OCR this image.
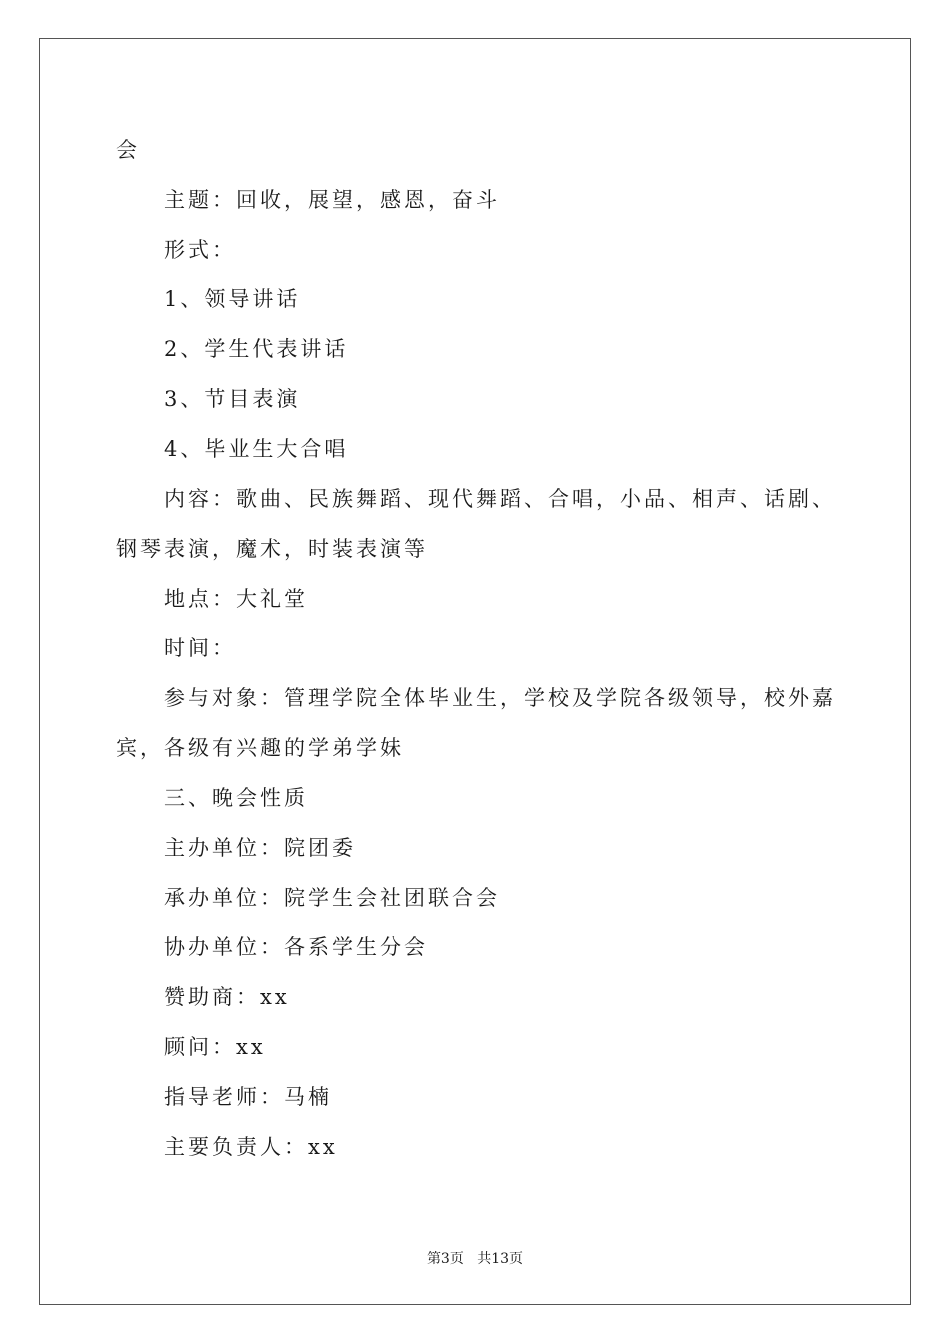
会
主题：回收，展望，感恩，奋斗
形式：
1、领导讲话
2、学生代表讲话
3、节目表演
4、毕业生大合唱
内容：歌曲、民族舞蹈、现代舞蹈、合唱，小品、相声、话剧、
钢琴表演，魔术，时装表演等
地点：大礼堂
时间：
参与对象：管理学院全体毕业生，学校及学院各级领导，校外嘉
宾，各级有兴趣的学弟学妹
三、晚会性质
主办单位：院团委
承办单位：院学生会社团联合会
协办单位：各系学生分会
赞助商：xx
顾问：xx
指导老师：马楠
主要负责人：xx
第3页 共13页
